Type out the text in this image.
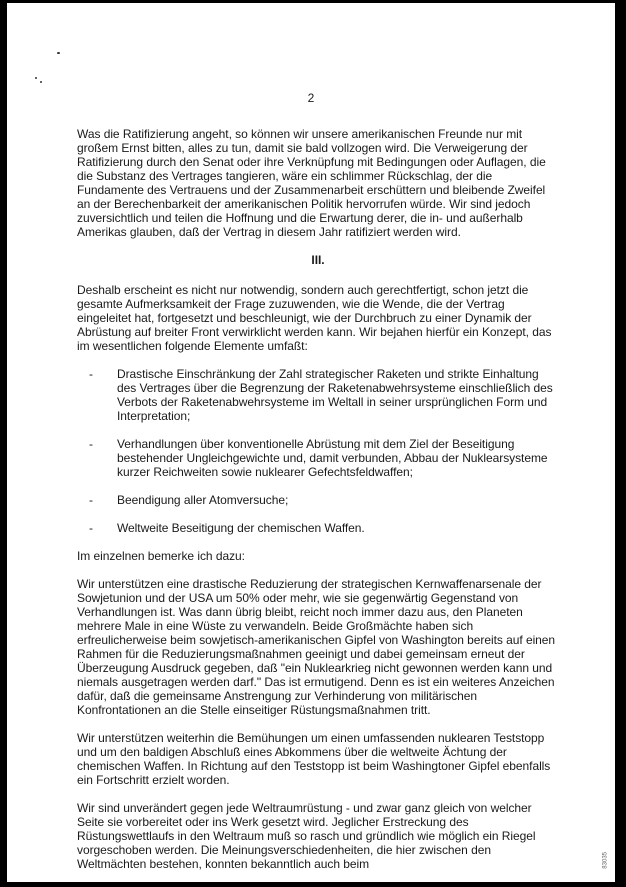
2

Was die Ratifizierung angeht, so können wir unsere amerikanischen Freunde nur mit großem Ernst bitten, alles zu tun, damit sie bald vollzogen wird. Die Verweigerung der Ratifizierung durch den Senat oder ihre Verknüpfung mit Bedingungen oder Auflagen, die die Substanz des Vertrages tangieren, wäre ein schlimmer Rückschlag, der die Fundamente des Vertrauens und der Zusammenarbeit erschüttern und bleibende Zweifel an der Berechenbarkeit der amerikanischen Politik hervorrufen würde. Wir sind jedoch zuversichtlich und teilen die Hoffnung und die Erwartung derer, die in- und außerhalb Amerikas glauben, daß der Vertrag in diesem Jahr ratifiziert werden wird.

III.

Deshalb erscheint es nicht nur notwendig, sondern auch gerechtfertigt, schon jetzt die gesamte Aufmerksamkeit der Frage zuzuwenden, wie die Wende, die der Vertrag eingeleitet hat, fortgesetzt und beschleunigt, wie der Durchbruch zu einer Dynamik der Abrüstung auf breiter Front verwirklicht werden kann. Wir bejahen hierfür ein Konzept, das im wesentlichen folgende Elemente umfaßt:

- Drastische Einschränkung der Zahl strategischer Raketen und strikte Einhaltung des Vertrages über die Begrenzung der Raketenabwehrsysteme einschließlich des Verbots der Raketenabwehrsysteme im Weltall in seiner ursprünglichen Form und Interpretation;
- Verhandlungen über konventionelle Abrüstung mit dem Ziel der Beseitigung bestehender Ungleichgewichte und, damit verbunden, Abbau der Nuklearsysteme kurzer Reichweiten sowie nuklearer Gefechtsfeldwaffen;
- Beendigung aller Atomversuche;
- Weltweite Beseitigung der chemischen Waffen.

Im einzelnen bemerke ich dazu:

Wir unterstützen eine drastische Reduzierung der strategischen Kernwaffenarsenale der Sowjetunion und der USA um 50% oder mehr, wie sie gegenwärtig Gegenstand von Verhandlungen ist. Was dann übrig bleibt, reicht noch immer dazu aus, den Planeten mehrere Male in eine Wüste zu verwandeln. Beide Großmächte haben sich erfreulicherweise beim sowjetisch-amerikanischen Gipfel von Washington bereits auf einen Rahmen für die Reduzierungsmaßnahmen geeinigt und dabei gemeinsam erneut der Überzeugung Ausdruck gegeben, daß "ein Nuklearkrieg nicht gewonnen werden kann und niemals ausgetragen werden darf." Das ist ermutigend. Denn es ist ein weiteres Anzeichen dafür, daß die gemeinsame Anstrengung zur Verhinderung von militärischen Konfrontationen an die Stelle einseitiger Rüstungsmaßnahmen tritt.

Wir unterstützen weiterhin die Bemühungen um einen umfassenden nuklearen Teststopp und um den baldigen Abschluß eines Abkommens über die weltweite Ächtung der chemischen Waffen. In Richtung auf den Teststopp ist beim Washingtoner Gipfel ebenfalls ein Fortschritt erzielt worden.

Wir sind unverändert gegen jede Weltraumrüstung - und zwar ganz gleich von welcher Seite sie vorbereitet oder ins Werk gesetzt wird. Jeglicher Erstreckung des Rüstungswettlaufs in den Weltraum muß so rasch und gründlich wie möglich ein Riegel vorgeschoben werden. Die Meinungsverschiedenheiten, die hier zwischen den Weltmächten bestehen, konnten bekanntlich auch beim	83035
